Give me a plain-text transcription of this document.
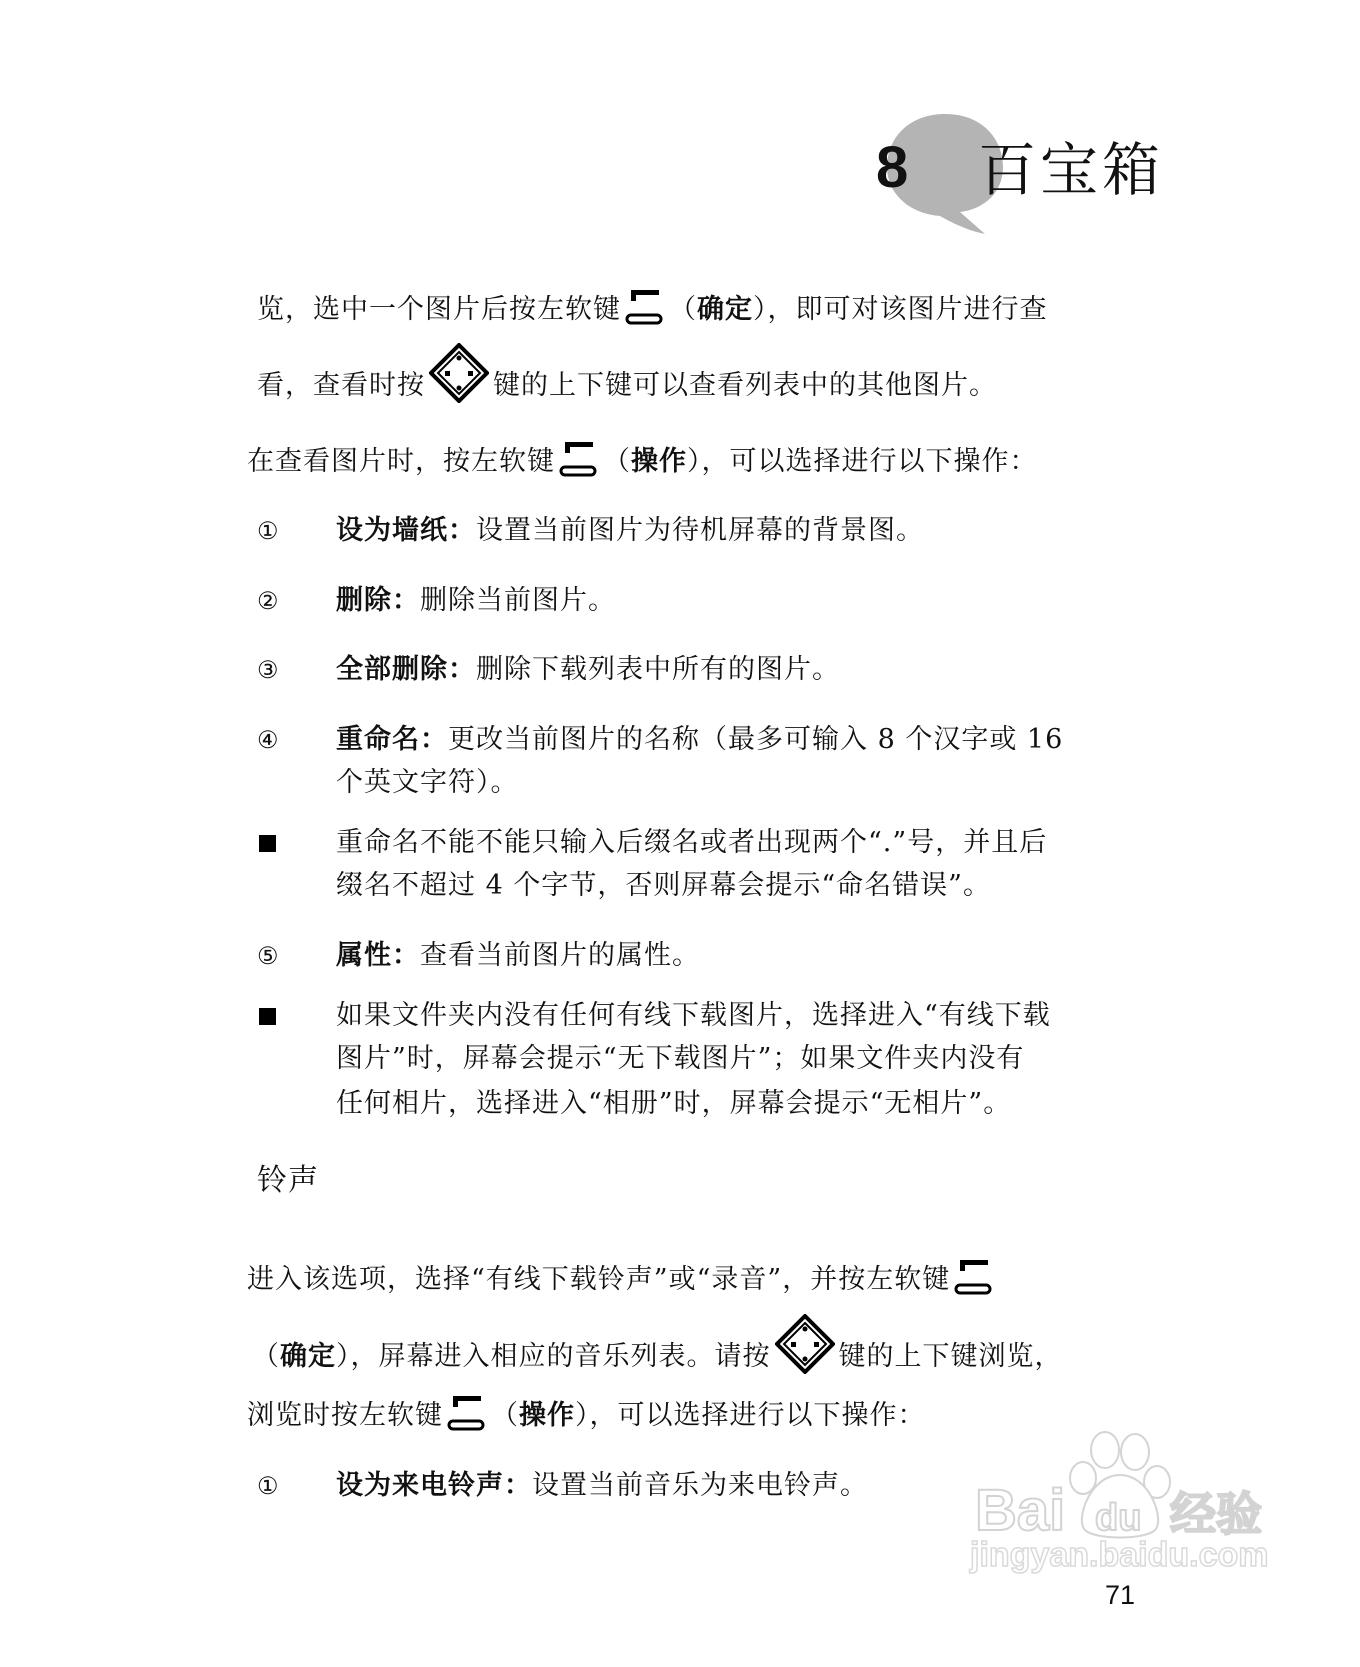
8 百宝箱
览，选中一个图片后按左软键 （确定），即可对该图片进行查
看，查看时按	键的上下键可以查看列表中的其他图片。
在查看图片时，按左软键 （操作），可以选择进行以下操作：
① 设为墙纸：设置当前图片为待机屏幕的背景图。
② 删除：删除当前图片。
③ 全部删除：删除下载列表中所有的图片。
④ 重命名：更改当前图片的名称（最多可输入 8 个汉字或 16
个英文字符）。
重命名不能不能只输入后缀名或者出现两个“.”号，并且后
缀名不超过 4 个字节，否则屏幕会提示“命名错误”。
⑤ 属性：查看当前图片的属性。
如果文件夹内没有任何有线下载图片，选择进入“有线下载
图片”时，屏幕会提示“无下载图片”；如果文件夹内没有
任何相片，选择进入“相册”时，屏幕会提示“无相片”。
铃声
进入该选项，选择“有线下载铃声”或“录音”，并按左软键
（确定），屏幕进入相应的音乐列表。请按	键的上下键浏览，
浏览时按左软键 （操作），可以选择进行以下操作：
① 设为来电铃声：设置当前音乐为来电铃声。 Bai du 经验
jingyan.baidu.com
71
